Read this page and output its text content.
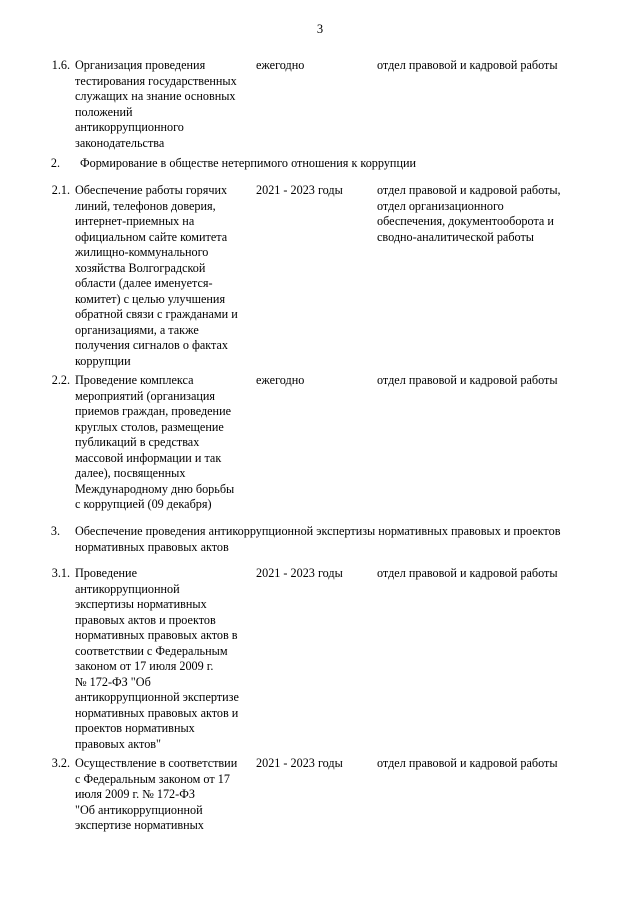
3
1.6. Организация проведения
тестирования государственных
служащих на знание основных
положений
антикоррупционного
законодательства
ежегодно	отдел правовой и кадровой работы
2. Формирование в обществе нетерпимого отношения к коррупции
2.1. Обеспечение работы горячих
линий, телефонов доверия,
интернет-приемных на
официальном сайте комитета
жилищно-коммунального
хозяйства Волгоградской
области (далее именуется-
комитет) с целью улучшения
обратной связи с гражданами и
организациями, а также
получения сигналов о фактах
коррупции
2021 - 2023 годы	отдел правовой и кадровой работы,
отдел организационного
обеспечения, документооборота и
сводно-аналитической работы
2.2. Проведение комплекса
мероприятий (организация
приемов граждан, проведение
круглых столов, размещение
публикаций в средствах
массовой информации и так
далее), посвященных
Международному дню борьбы
с коррупцией (09 декабря)
ежегодно	отдел правовой и кадровой работы
3. Обеспечение проведения антикоррупционной экспертизы нормативных правовых и проектов
нормативных правовых актов
3.1. Проведение
антикоррупционной
экспертизы нормативных
правовых актов и проектов
нормативных правовых актов в
соответствии с Федеральным
законом от 17 июля 2009 г.
№ 172-ФЗ "Об
антикоррупционной экспертизе
нормативных правовых актов и
проектов нормативных
правовых актов"
2021 - 2023 годы	отдел правовой и кадровой работы
3.2. Осуществление в соответствии
с Федеральным законом от 17
июля 2009 г. № 172-ФЗ
"Об антикоррупционной
экспертизе нормативных
2021 - 2023 годы	отдел правовой и кадровой работы
